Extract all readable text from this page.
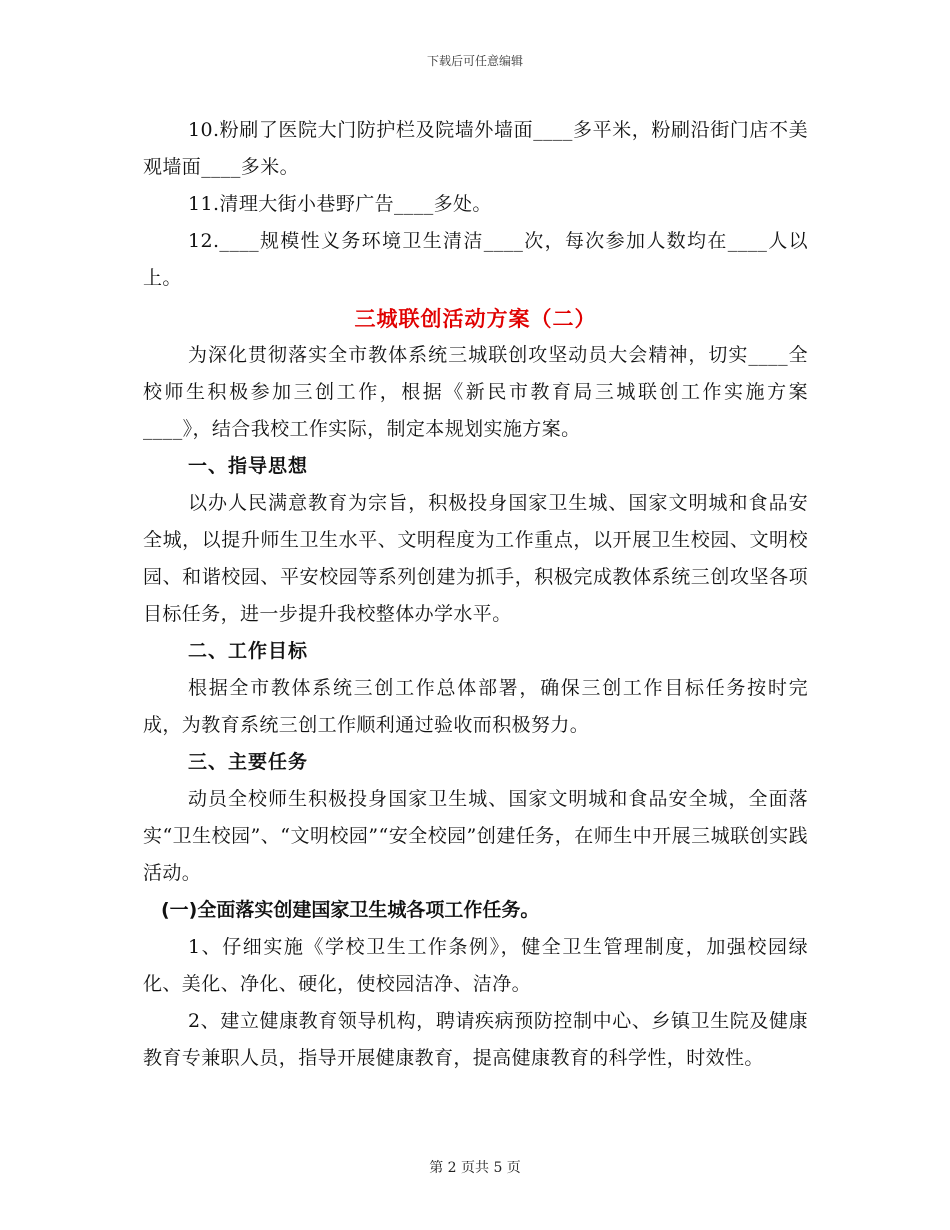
下载后可任意编辑

10.粉刷了医院大门防护栏及院墙外墙面____多平米，粉刷沿街门店不美观墙面____多米。

11.清理大街小巷野广告____多处。

12.____规模性义务环境卫生清洁____次，每次参加人数均在____人以上。

三城联创活动方案（二）

为深化贯彻落实全市教体系统三城联创攻坚动员大会精神，切实____全校师生积极参加三创工作，根据《新民市教育局三城联创工作实施方案____》，结合我校工作实际，制定本规划实施方案。

一、指导思想

以办人民满意教育为宗旨，积极投身国家卫生城、国家文明城和食品安全城，以提升师生卫生水平、文明程度为工作重点，以开展卫生校园、文明校园、和谐校园、平安校园等系列创建为抓手，积极完成教体系统三创攻坚各项目标任务，进一步提升我校整体办学水平。

二、工作目标

根据全市教体系统三创工作总体部署，确保三创工作目标任务按时完成，为教育系统三创工作顺利通过验收而积极努力。

三、主要任务

动员全校师生积极投身国家卫生城、国家文明城和食品安全城，全面落实“卫生校园”、“文明校园”“安全校园”创建任务，在师生中开展三城联创实践活动。

(一)全面落实创建国家卫生城各项工作任务。

1、仔细实施《学校卫生工作条例》，健全卫生管理制度，加强校园绿化、美化、净化、硬化，使校园洁净、洁净。

2、建立健康教育领导机构，聘请疾病预防控制中心、乡镇卫生院及健康教育专兼职人员，指导开展健康教育，提高健康教育的科学性，时效性。

第 2 页共 5 页
